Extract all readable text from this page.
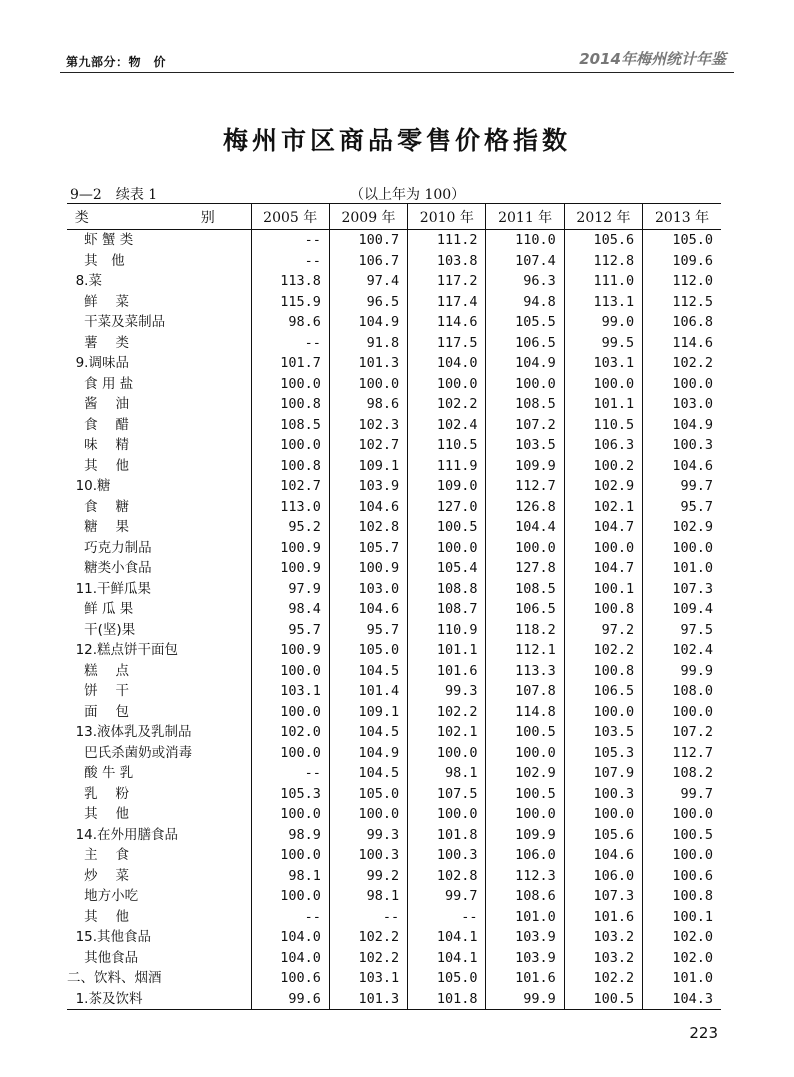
第九部分：物　价	2014年梅州统计年鉴
梅州市区商品零售价格指数
9—2　续表 1	（以上年为 100）
类　　别	2005 年	2009 年	2010 年	2011 年	2012 年	2013 年
虾 蟹 类	--	100.7	111.2	110.0	105.6	105.0
其　他	--	106.7	103.8	107.4	112.8	109.6
8.菜	113.8	97.4	117.2	96.3	111.0	112.0
鲜　 菜	115.9	96.5	117.4	94.8	113.1	112.5
干菜及菜制品	98.6	104.9	114.6	105.5	99.0	106.8
薯　 类	--	91.8	117.5	106.5	99.5	114.6
9.调味品	101.7	101.3	104.0	104.9	103.1	102.2
食 用 盐	100.0	100.0	100.0	100.0	100.0	100.0
酱　 油	100.8	98.6	102.2	108.5	101.1	103.0
食　 醋	108.5	102.3	102.4	107.2	110.5	104.9
味　 精	100.0	102.7	110.5	103.5	106.3	100.3
其　 他	100.8	109.1	111.9	109.9	100.2	104.6
10.糖	102.7	103.9	109.0	112.7	102.9	99.7
食　 糖	113.0	104.6	127.0	126.8	102.1	95.7
糖　 果	95.2	102.8	100.5	104.4	104.7	102.9
巧克力制品	100.9	105.7	100.0	100.0	100.0	100.0
糖类小食品	100.9	100.9	105.4	127.8	104.7	101.0
11.干鲜瓜果	97.9	103.0	108.8	108.5	100.1	107.3
鲜 瓜 果	98.4	104.6	108.7	106.5	100.8	109.4
干(坚)果	95.7	95.7	110.9	118.2	97.2	97.5
12.糕点饼干面包	100.9	105.0	101.1	112.1	102.2	102.4
糕　 点	100.0	104.5	101.6	113.3	100.8	99.9
饼　 干	103.1	101.4	99.3	107.8	106.5	108.0
面　 包	100.0	109.1	102.2	114.8	100.0	100.0
13.液体乳及乳制品	102.0	104.5	102.1	100.5	103.5	107.2
巴氏杀菌奶或消毒	100.0	104.9	100.0	100.0	105.3	112.7
酸 牛 乳	--	104.5	98.1	102.9	107.9	108.2
乳　 粉	105.3	105.0	107.5	100.5	100.3	99.7
其　 他	100.0	100.0	100.0	100.0	100.0	100.0
14.在外用膳食品	98.9	99.3	101.8	109.9	105.6	100.5
主　 食	100.0	100.3	100.3	106.0	104.6	100.0
炒　 菜	98.1	99.2	102.8	112.3	106.0	100.6
地方小吃	100.0	98.1	99.7	108.6	107.3	100.8
其　 他	--	--	--	101.0	101.6	100.1
15.其他食品	104.0	102.2	104.1	103.9	103.2	102.0
其他食品	104.0	102.2	104.1	103.9	103.2	102.0
二、饮料、烟酒	100.6	103.1	105.0	101.6	102.2	101.0
1.茶及饮料	99.6	101.3	101.8	99.9	100.5	104.3
223
